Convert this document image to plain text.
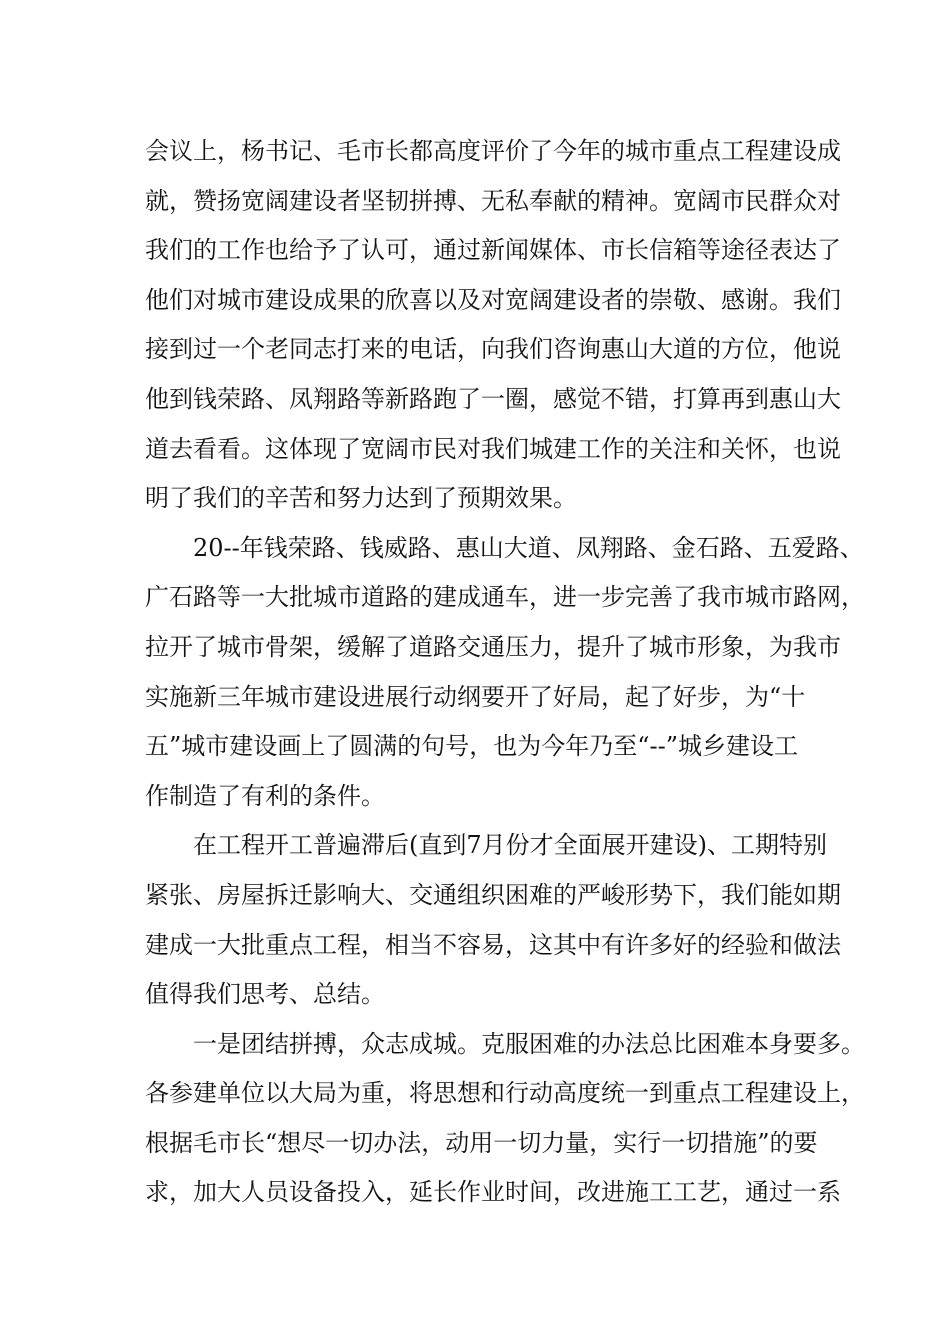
会议上，杨书记、毛市长都高度评价了今年的城市重点工程建设成
就，赞扬宽阔建设者坚韧拼搏、无私奉献的精神。宽阔市民群众对
我们的工作也给予了认可，通过新闻媒体、市长信箱等途径表达了
他们对城市建设成果的欣喜以及对宽阔建设者的崇敬、感谢。我们
接到过一个老同志打来的电话，向我们咨询惠山大道的方位，他说
他到钱荣路、凤翔路等新路跑了一圈，感觉不错，打算再到惠山大
道去看看。这体现了宽阔市民对我们城建工作的关注和关怀，也说
明了我们的辛苦和努力达到了预期效果。
20--年钱荣路、钱威路、惠山大道、凤翔路、金石路、五爱路、
广石路等一大批城市道路的建成通车，进一步完善了我市城市路网，
拉开了城市骨架，缓解了道路交通压力，提升了城市形象，为我市
实施新三年城市建设进展行动纲要开了好局，起了好步，为“十
五”城市建设画上了圆满的句号，也为今年乃至“--”城乡建设工
作制造了有利的条件。
在工程开工普遍滞后(直到7月份才全面展开建设)、工期特别
紧张、房屋拆迁影响大、交通组织困难的严峻形势下，我们能如期
建成一大批重点工程，相当不容易，这其中有许多好的经验和做法
值得我们思考、总结。
一是团结拼搏，众志成城。克服困难的办法总比困难本身要多。
各参建单位以大局为重，将思想和行动高度统一到重点工程建设上，
根据毛市长“想尽一切办法，动用一切力量，实行一切措施”的要
求，加大人员设备投入，延长作业时间，改进施工工艺，通过一系
